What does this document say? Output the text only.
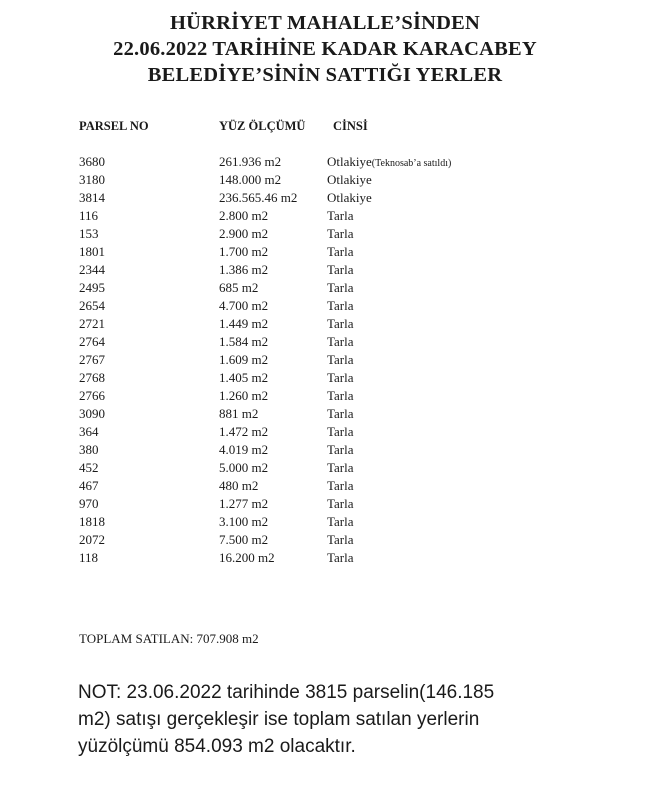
HÜRRİYET MAHALLE’SİNDEN
22.06.2022 TARİHİNE KADAR KARACABEY
BELEDİYE’SİNİN SATTIĞI YERLER
PARSEL NO	YÜZ ÖLÇÜMÜ CİNSİ
3680	261.936 m2	Otlakiye(Teknosab’a satıldı)
3180	148.000 m2	Otlakiye
3814	236.565.46 m2 Otlakiye
116	2.800 m2	Tarla
153	2.900 m2	Tarla
1801	1.700 m2	Tarla
2344	1.386 m2	Tarla
2495	685 m2	Tarla
2654	4.700 m2	Tarla
2721	1.449 m2	Tarla
2764	1.584 m2	Tarla
2767	1.609 m2	Tarla
2768	1.405 m2	Tarla
2766	1.260 m2	Tarla
3090	881 m2	Tarla
364	1.472 m2	Tarla
380	4.019 m2	Tarla
452	5.000 m2	Tarla
467	480 m2	Tarla
970	1.277 m2	Tarla
1818	3.100 m2	Tarla
2072	7.500 m2	Tarla
118	16.200 m2	Tarla
TOPLAM SATILAN: 707.908 m2
NOT: 23.06.2022 tarihinde 3815 parselin(146.185
m2) satışı gerçekleşir ise toplam satılan yerlerin
yüzölçümü 854.093 m2 olacaktır.
